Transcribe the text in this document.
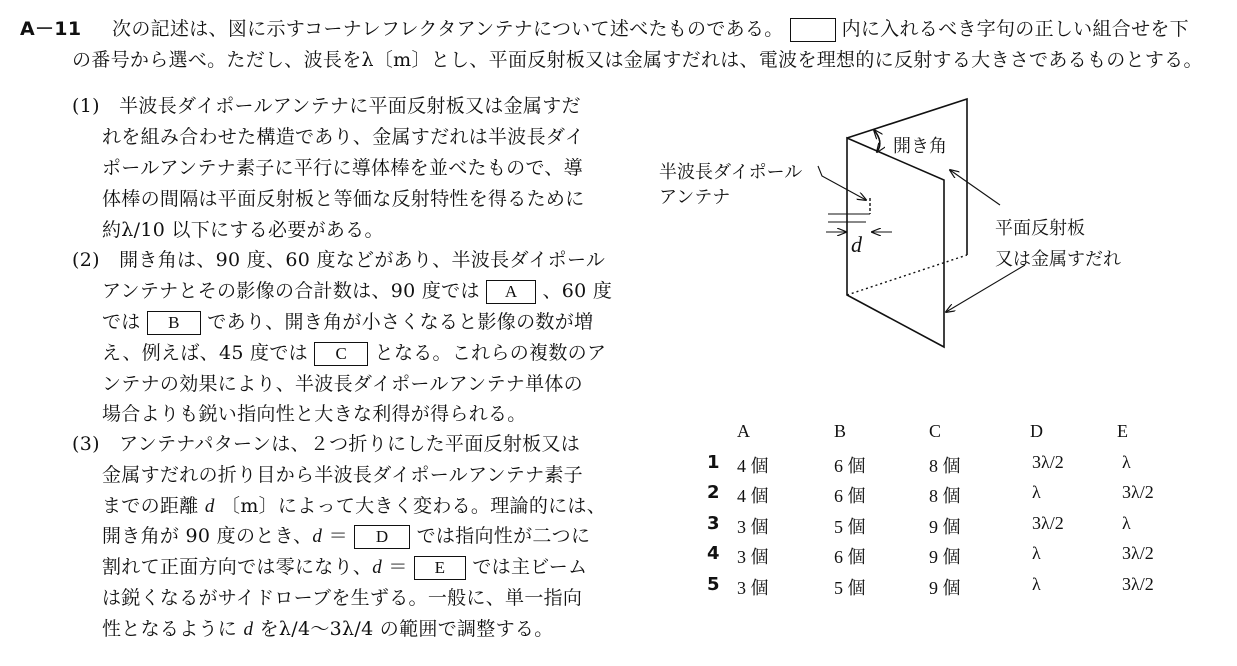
A－11 次の記述は、図に示すコーナレフレクタアンテナについて述べたものである。	内に入れるべき字句の正しい組合せを下
の番号から選べ。ただし、波長をλ〔m〕とし、平面反射板又は金属すだれは、電波を理想的に反射する大きさであるものとする。
(1)　半波長ダイポールアンテナに平面反射板又は金属すだ
れを組み合わせた構造であり、金属すだれは半波長ダイ
ポールアンテナ素子に平行に導体棒を並べたもので、導
体棒の間隔は平面反射板と等価な反射特性を得るために
約λ/10 以下にする必要がある。
(2)　開き角は、90 度、60 度などがあり、半波長ダイポール
アンテナとその影像の合計数は、90 度では A 、60 度
では B であり、開き角が小さくなると影像の数が増
え、例えば、45 度では C となる。これらの複数のア
ンテナの効果により、半波長ダイポールアンテナ単体の
場合よりも鋭い指向性と大きな利得が得られる。
(3)　アンテナパターンは、２つ折りにした平面反射板又は
金属すだれの折り目から半波長ダイポールアンテナ素子
までの距離 d 〔m〕によって大きく変わる。理論的には、
開き角が 90 度のとき、d ＝ D では指向性が二つに
割れて正面方向では零になり、d ＝ E では主ビーム
は鋭くなるがサイドローブを生ずる。一般に、単一指向
性となるように d をλ/4〜3λ/4 の範囲で調整する。
開き角
半波長ダイポール
アンテナ
d
平面反射板
又は金属すだれ
A	B	C	D	E
1 4 個	6 個	8 個	3λ/2	λ
2 4 個	6 個	8 個	λ	3λ/2
3 3 個	5 個	9 個	3λ/2	λ
4 3 個	6 個	9 個	λ	3λ/2
5 3 個	5 個	9 個	λ	3λ/2
